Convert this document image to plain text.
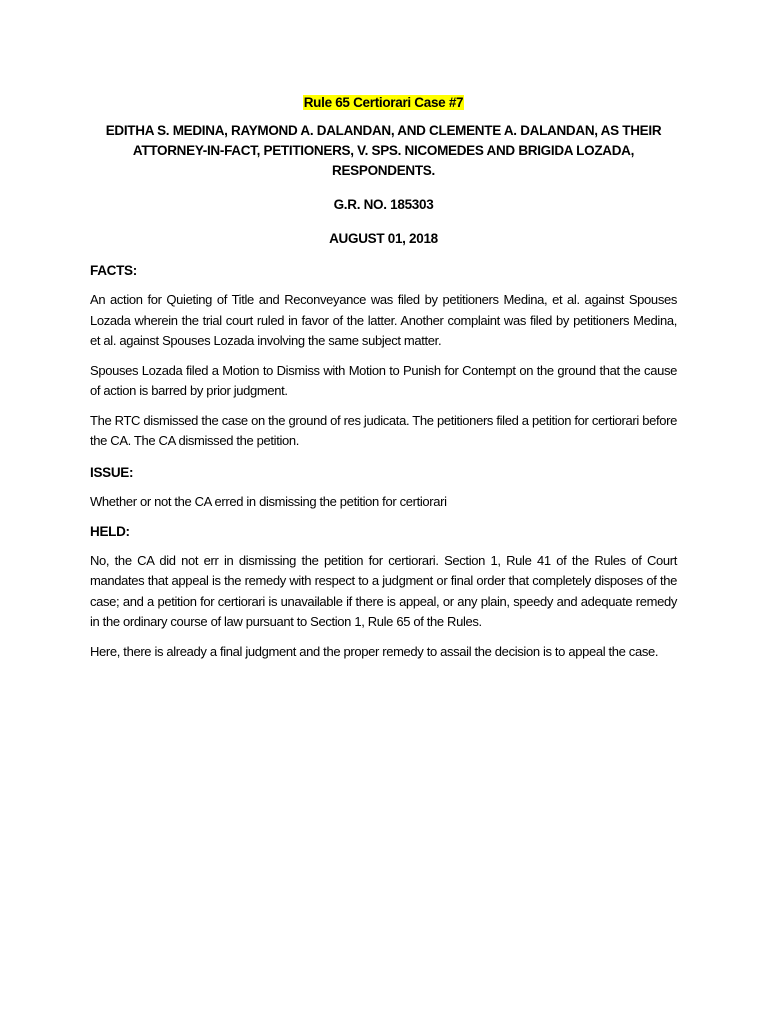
Rule 65 Certiorari Case #7

EDITHA S. MEDINA, RAYMOND A. DALANDAN, AND CLEMENTE A. DALANDAN, AS THEIR ATTORNEY-IN-FACT, PETITIONERS, V. SPS. NICOMEDES AND BRIGIDA LOZADA, RESPONDENTS.

G.R. NO. 185303

AUGUST 01, 2018

FACTS:

An action for Quieting of Title and Reconveyance was filed by petitioners Medina, et al. against Spouses Lozada wherein the trial court ruled in favor of the latter. Another complaint was filed by petitioners Medina, et al. against Spouses Lozada involving the same subject matter.

Spouses Lozada filed a Motion to Dismiss with Motion to Punish for Contempt on the ground that the cause of action is barred by prior judgment.

The RTC dismissed the case on the ground of res judicata. The petitioners filed a petition for certiorari before the CA. The CA dismissed the petition.

ISSUE:

Whether or not the CA erred in dismissing the petition for certiorari

HELD:

No, the CA did not err in dismissing the petition for certiorari. Section 1, Rule 41 of the Rules of Court mandates that appeal is the remedy with respect to a judgment or final order that completely disposes of the case; and a petition for certiorari is unavailable if there is appeal, or any plain, speedy and adequate remedy in the ordinary course of law pursuant to Section 1, Rule 65 of the Rules.

Here, there is already a final judgment and the proper remedy to assail the decision is to appeal the case.
